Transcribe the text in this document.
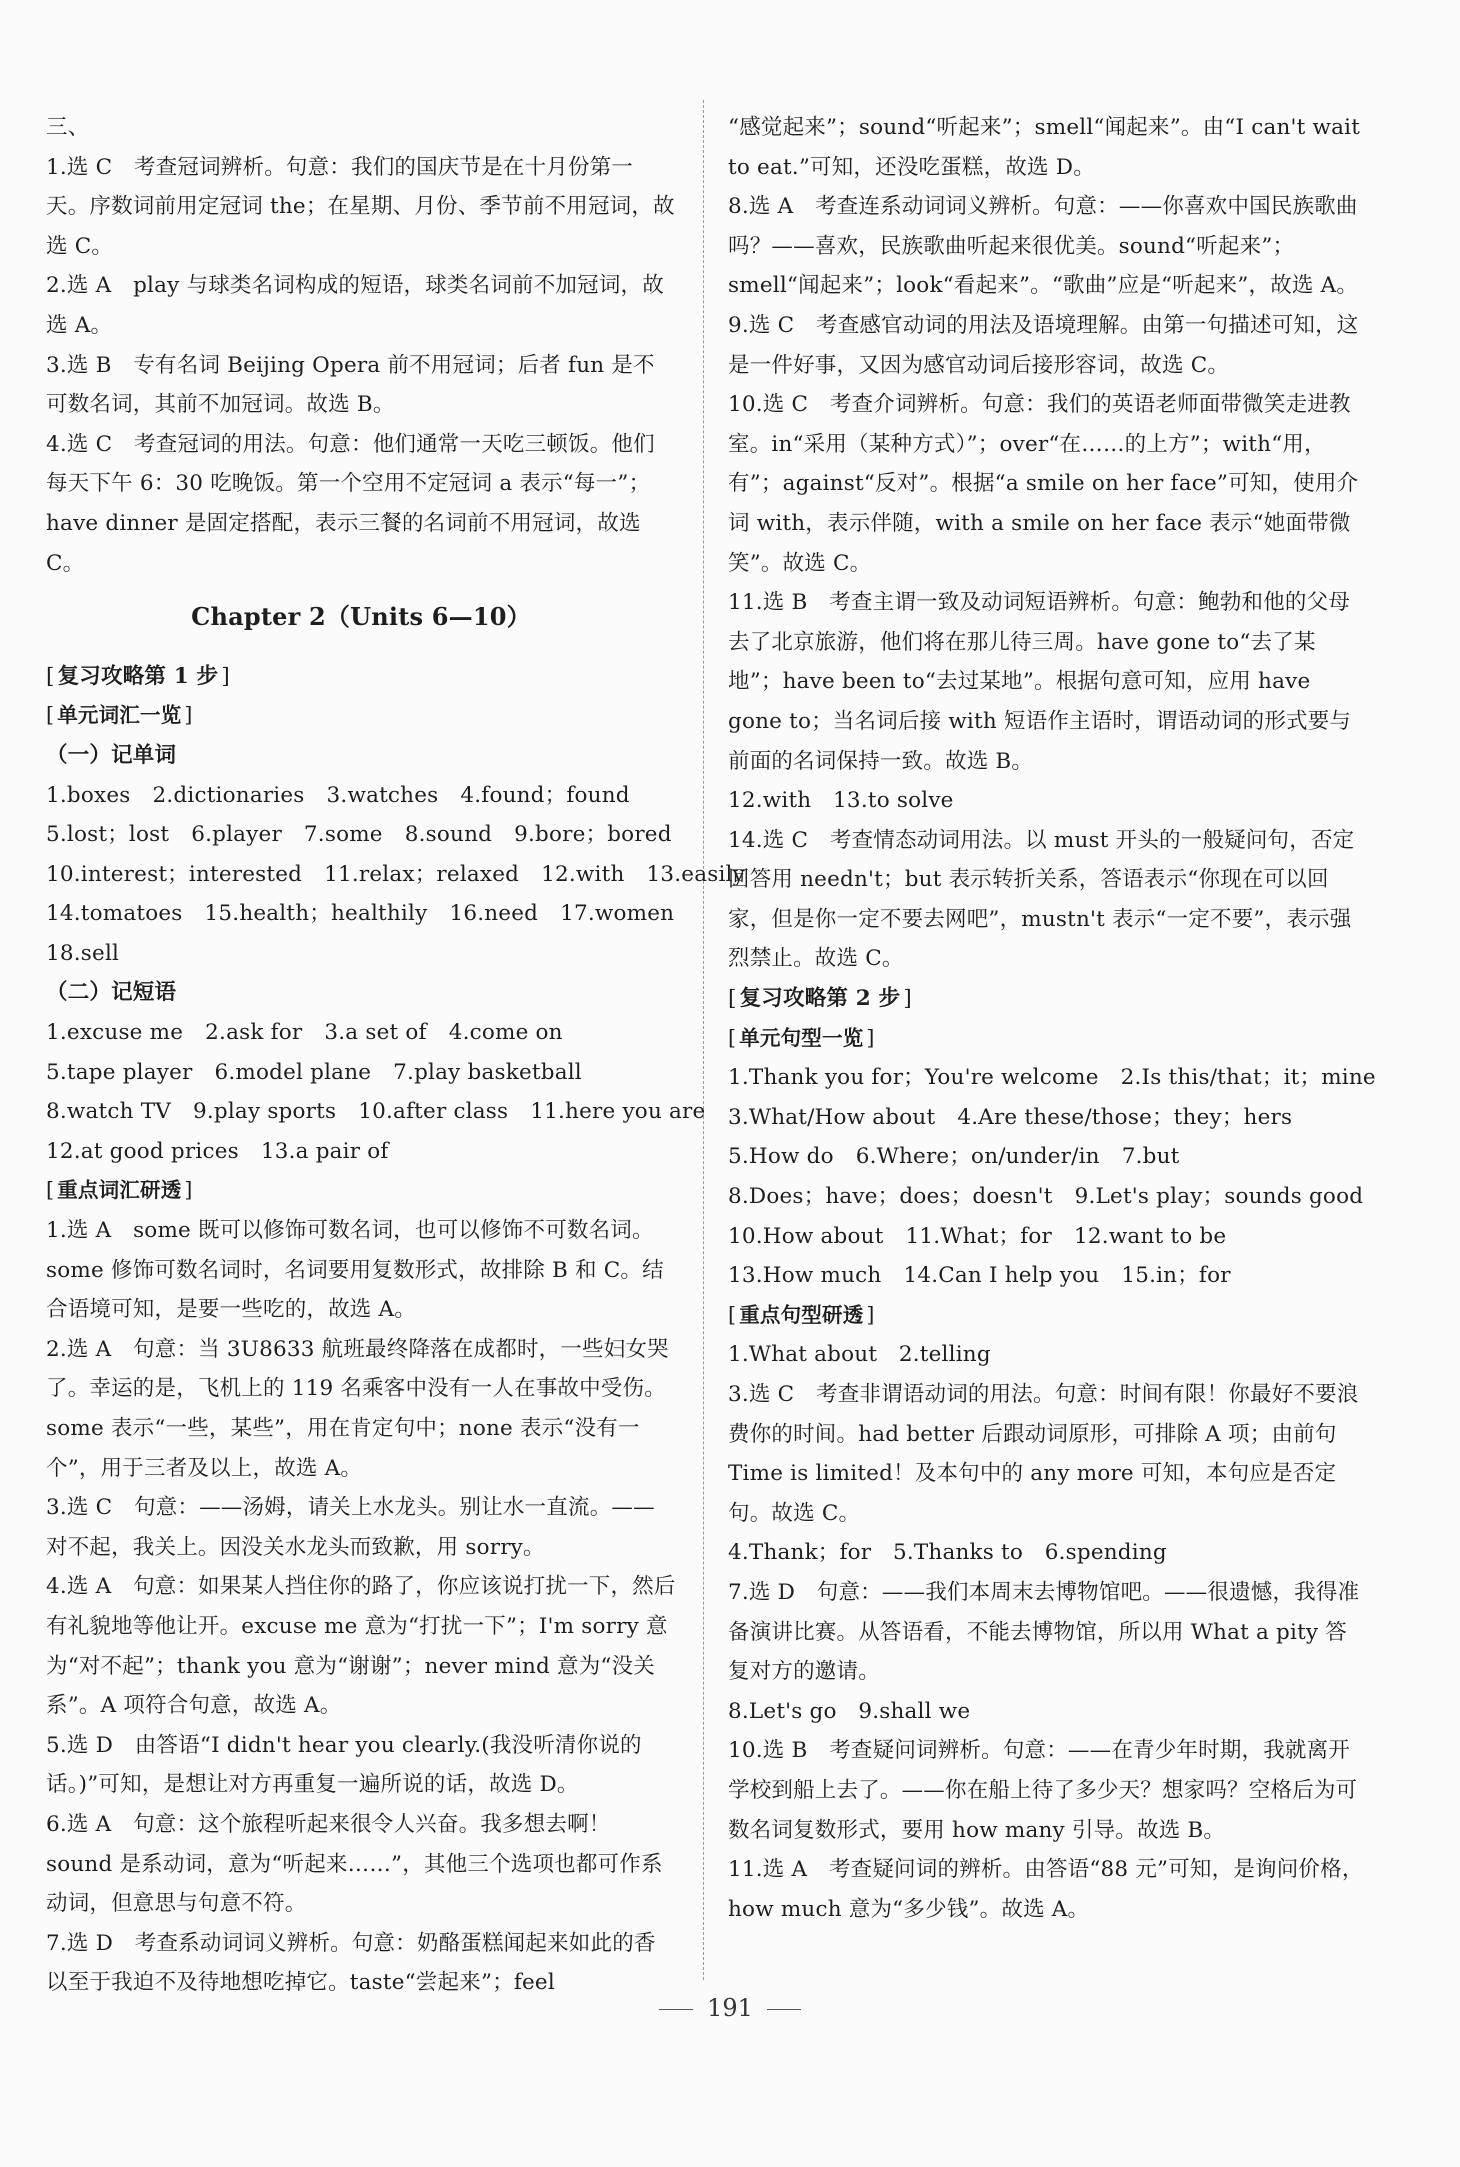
三、
1.选 C　考查冠词辨析。句意：我们的国庆节是在十月份第一天。序数词前用定冠词 the；在星期、月份、季节前不用冠词，故选 C。
2.选 A　play 与球类名词构成的短语，球类名词前不加冠词，故选 A。
3.选 B　专有名词 Beijing Opera 前不用冠词；后者 fun 是不可数名词，其前不加冠词。故选 B。
4.选 C　考查冠词的用法。句意：他们通常一天吃三顿饭。他们每天下午 6：30 吃晚饭。第一个空用不定冠词 a 表示“每一”；have dinner 是固定搭配，表示三餐的名词前不用冠词，故选 C。
Chapter 2（Units 6—10）
[ 复习攻略第 1 步 ]
[ 单元词汇一览 ]
（一）记单词
1.boxes 2.dictionaries 3.watches 4.found；found
5.lost；lost 6.player 7.some 8.sound 9.bore；bored
10.interest；interested 11.relax；relaxed 12.with 13.easily
14.tomatoes 15.health；healthily 16.need 17.women
18.sell
（二）记短语
1.excuse me 2.ask for 3.a set of 4.come on
5.tape player 6.model plane 7.play basketball
8.watch TV 9.play sports 10.after class 11.here you are
12.at good prices 13.a pair of
[ 重点词汇研透 ]
1.选 A　some 既可以修饰可数名词，也可以修饰不可数名词。some 修饰可数名词时，名词要用复数形式，故排除 B 和 C。结合语境可知，是要一些吃的，故选 A。
2.选 A　句意：当 3U8633 航班最终降落在成都时，一些妇女哭了。幸运的是，飞机上的 119 名乘客中没有一人在事故中受伤。some 表示“一些，某些”，用在肯定句中；none 表示“没有一个”，用于三者及以上，故选 A。
3.选 C　句意：——汤姆，请关上水龙头。别让水一直流。——对不起，我关上。因没关水龙头而致歉，用 sorry。
4.选 A　句意：如果某人挡住你的路了，你应该说打扰一下，然后有礼貌地等他让开。excuse me 意为“打扰一下”；I'm sorry 意为“对不起”；thank you 意为“谢谢”；never mind 意为“没关系”。A 项符合句意，故选 A。
5.选 D　由答语“I didn't hear you clearly.(我没听清你说的话。)”可知，是想让对方再重复一遍所说的话，故选 D。
6.选 A　句意：这个旅程听起来很令人兴奋。我多想去啊！sound 是系动词，意为“听起来……”，其他三个选项也都可作系动词，但意思与句意不符。
7.选 D　考查系动词词义辨析。句意：奶酪蛋糕闻起来如此的香以至于我迫不及待地想吃掉它。taste“尝起来”；feel
“感觉起来”；sound“听起来”；smell“闻起来”。由“I can't wait to eat.”可知，还没吃蛋糕，故选 D。
8.选 A　考查连系动词词义辨析。句意：——你喜欢中国民族歌曲吗？——喜欢，民族歌曲听起来很优美。sound“听起来”；smell“闻起来”；look“看起来”。“歌曲”应是“听起来”，故选 A。
9.选 C　考查感官动词的用法及语境理解。由第一句描述可知，这是一件好事，又因为感官动词后接形容词，故选 C。
10.选 C　考查介词辨析。句意：我们的英语老师面带微笑走进教室。in“采用（某种方式）”；over“在……的上方”；with“用，有”；against“反对”。根据“a smile on her face”可知，使用介词 with，表示伴随，with a smile on her face 表示“她面带微笑”。故选 C。
11.选 B　考查主谓一致及动词短语辨析。句意：鲍勃和他的父母去了北京旅游，他们将在那儿待三周。have gone to“去了某地”；have been to“去过某地”。根据句意可知，应用 have gone to；当名词后接 with 短语作主语时，谓语动词的形式要与前面的名词保持一致。故选 B。
12.with　13.to solve
14.选 C　考查情态动词用法。以 must 开头的一般疑问句，否定回答用 needn't；but 表示转折关系，答语表示“你现在可以回家，但是你一定不要去网吧”，mustn't 表示“一定不要”，表示强烈禁止。故选 C。
[ 复习攻略第 2 步 ]
[ 单元句型一览 ]
1.Thank you for；You're welcome 2.Is this/that；it；mine
3.What/How about 4.Are these/those；they；hers
5.How do 6.Where；on/under/in 7.but
8.Does；have；does；doesn't 9.Let's play；sounds good
10.How about 11.What；for 12.want to be
13.How much 14.Can I help you 15.in；for
[ 重点句型研透 ]
1.What about　2.telling
3.选 C　考查非谓语动词的用法。句意：时间有限！你最好不要浪费你的时间。had better 后跟动词原形，可排除 A 项；由前句 Time is limited！及本句中的 any more 可知，本句应是否定句。故选 C。
4.Thank；for　5.Thanks to　6.spending
7.选 D　句意：——我们本周末去博物馆吧。——很遗憾，我得准备演讲比赛。从答语看，不能去博物馆，所以用 What a pity 答复对方的邀请。
8.Let's go　9.shall we
10.选 B　考查疑问词辨析。句意：——在青少年时期，我就离开学校到船上去了。——你在船上待了多少天？想家吗？空格后为可数名词复数形式，要用 how many 引导。故选 B。
11.选 A　考查疑问词的辨析。由答语“88 元”可知，是询问价格，how much 意为“多少钱”。故选 A。
191
